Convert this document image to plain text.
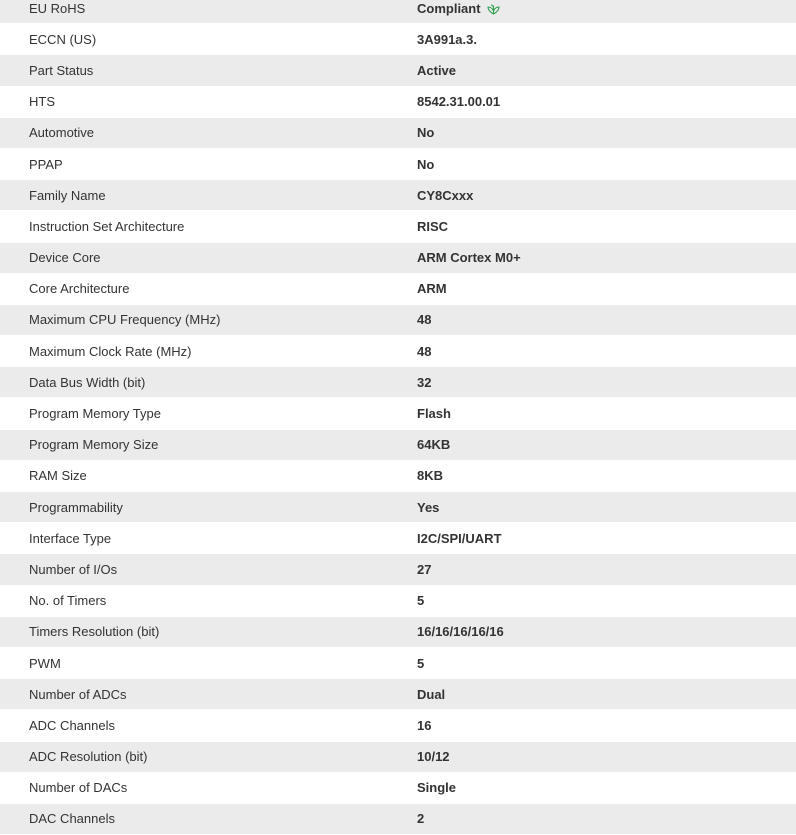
EU RoHS	Compliant
ECCN (US)	3A991a.3.
Part Status	Active
HTS	8542.31.00.01
Automotive	No
PPAP	No
Family Name	CY8Cxxx
Instruction Set Architecture	RISC
Device Core	ARM Cortex M0+
Core Architecture	ARM
Maximum CPU Frequency (MHz)	48
Maximum Clock Rate (MHz)	48
Data Bus Width (bit)	32
Program Memory Type	Flash
Program Memory Size	64KB
RAM Size	8KB
Programmability	Yes
Interface Type	I2C/SPI/UART
Number of I/Os	27
No. of Timers	5
Timers Resolution (bit)	16/16/16/16/16
PWM	5
Number of ADCs	Dual
ADC Channels	16
ADC Resolution (bit)	10/12
Number of DACs	Single
DAC Channels	2
